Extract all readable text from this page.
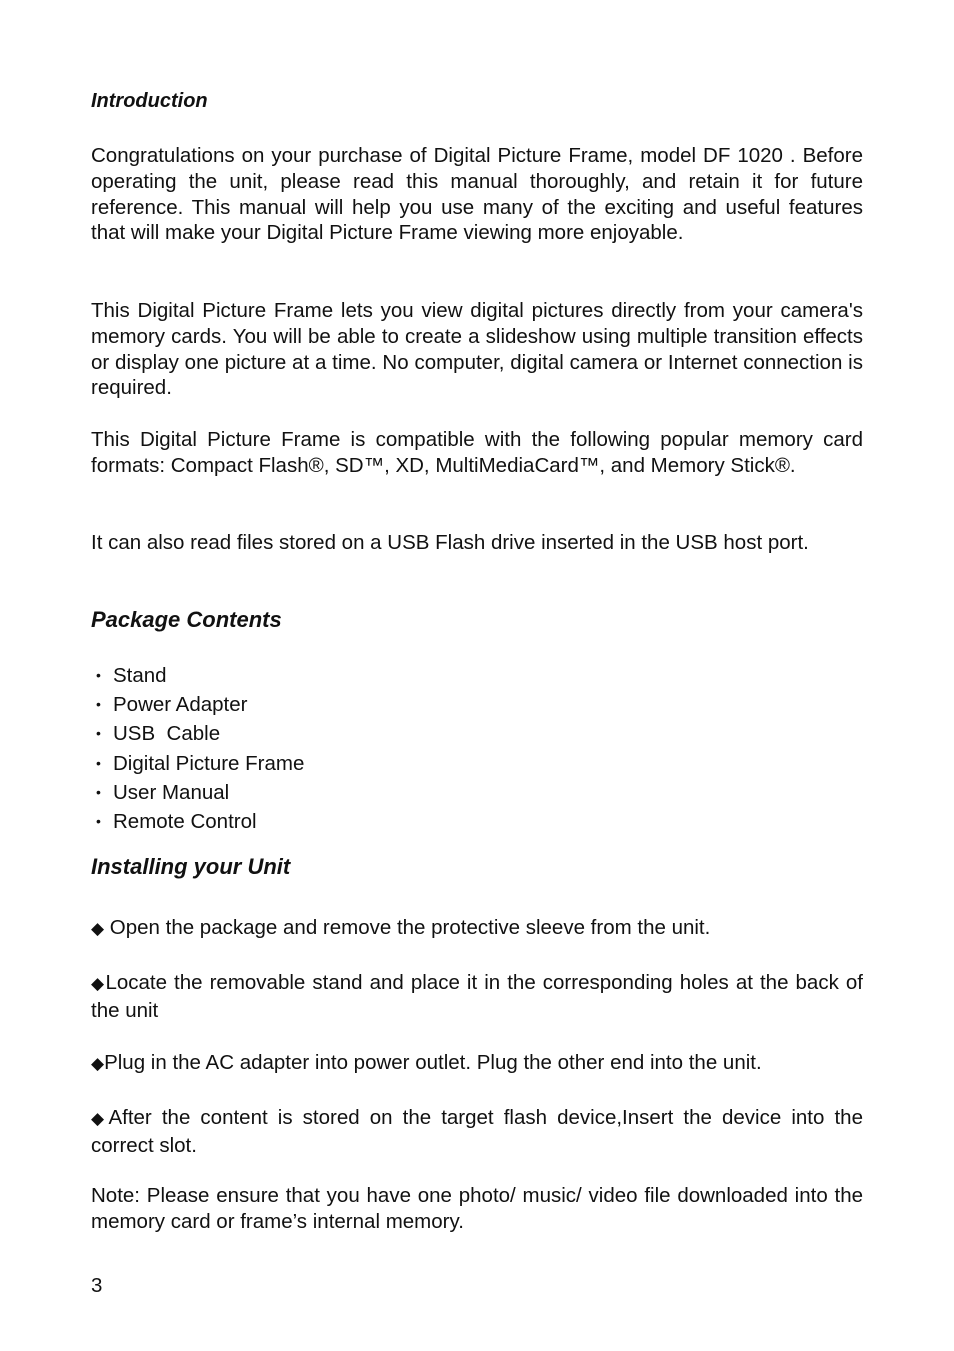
Introduction

Congratulations on your purchase of Digital Picture Frame, model DF 1020 . Before operating the unit, please read this manual thoroughly, and retain it for future reference. This manual will help you use many of the exciting and useful features that will make your Digital Picture Frame viewing more enjoyable.

This Digital Picture Frame lets you view digital pictures directly from your camera's memory cards. You will be able to create a slideshow using multiple transition effects or display one picture at a time. No computer, digital camera or Internet connection is required.

This Digital Picture Frame is compatible with the following popular memory card formats: Compact Flash®, SD™, XD, MultiMediaCard™, and Memory Stick®.

It can also read files stored on a USB Flash drive inserted in the USB host port.

Package Contents
• Stand
• Power Adapter
• USB  Cable
• Digital Picture Frame
• User Manual
• Remote Control
Installing your Unit

◆ Open the package and remove the protective sleeve from the unit.

◆Locate the removable stand and place it in the corresponding holes at the back of the unit

◆Plug in the AC adapter into power outlet. Plug the other end into the unit.

◆After the content is stored on the target flash device,Insert the device into the correct slot.

Note: Please ensure that you have one photo/ music/ video file downloaded into the memory card or frame’s internal memory.

3
